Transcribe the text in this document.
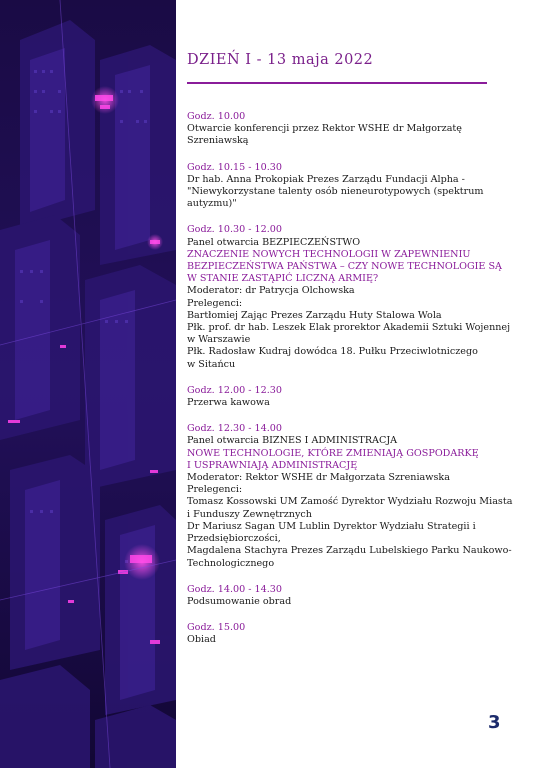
DZIEŃ I - 13 maja 2022
Godz. 10.00
Otwarcie konferencji przez Rektor WSHE dr Małgorzatę
Szreniawską
Godz. 10.15 - 10.30
Dr hab. Anna Prokopiak Prezes Zarządu Fundacji Alpha -
"Niewykorzystane talenty osób nieneurotypowych (spektrum
autyzmu)"
Godz. 10.30 - 12.00
Panel otwarcia BEZPIECZEŃSTWO
ZNACZENIE NOWYCH TECHNOLOGII W ZAPEWNIENIU
BEZPIECZEŃSTWA PAŃSTWA – CZY NOWE TECHNOLOGIE SĄ
W STANIE ZASTĄPIĆ LICZNĄ ARMIĘ?
Moderator: dr Patrycja Olchowska
Prelegenci:
Bartłomiej Zając Prezes Zarządu Huty Stalowa Wola
Płk. prof. dr hab. Leszek Elak prorektor Akademii Sztuki Wojennej
w Warszawie
Płk. Radosław Kudraj dowódca 18. Pułku Przeciwlotniczego
w Sitańcu
Godz. 12.00 - 12.30
Przerwa kawowa
Godz. 12.30 - 14.00
Panel otwarcia BIZNES I ADMINISTRACJA
NOWE TECHNOLOGIE, KTÓRE ZMIENIAJĄ GOSPODARKĘ
I USPRAWNIAJĄ ADMINISTRACJĘ
Moderator: Rektor WSHE dr Małgorzata Szreniawska
Prelegenci:
Tomasz Kossowski UM Zamość Dyrektor Wydziału Rozwoju Miasta
i Funduszy Zewnętrznych
Dr Mariusz Sagan UM Lublin Dyrektor Wydziału Strategii i
Przedsiębiorczości,
Magdalena Stachyra Prezes Zarządu Lubelskiego Parku Naukowo-
Technologicznego
Godz. 14.00 - 14.30
Podsumowanie obrad
Godz. 15.00
Obiad
3
